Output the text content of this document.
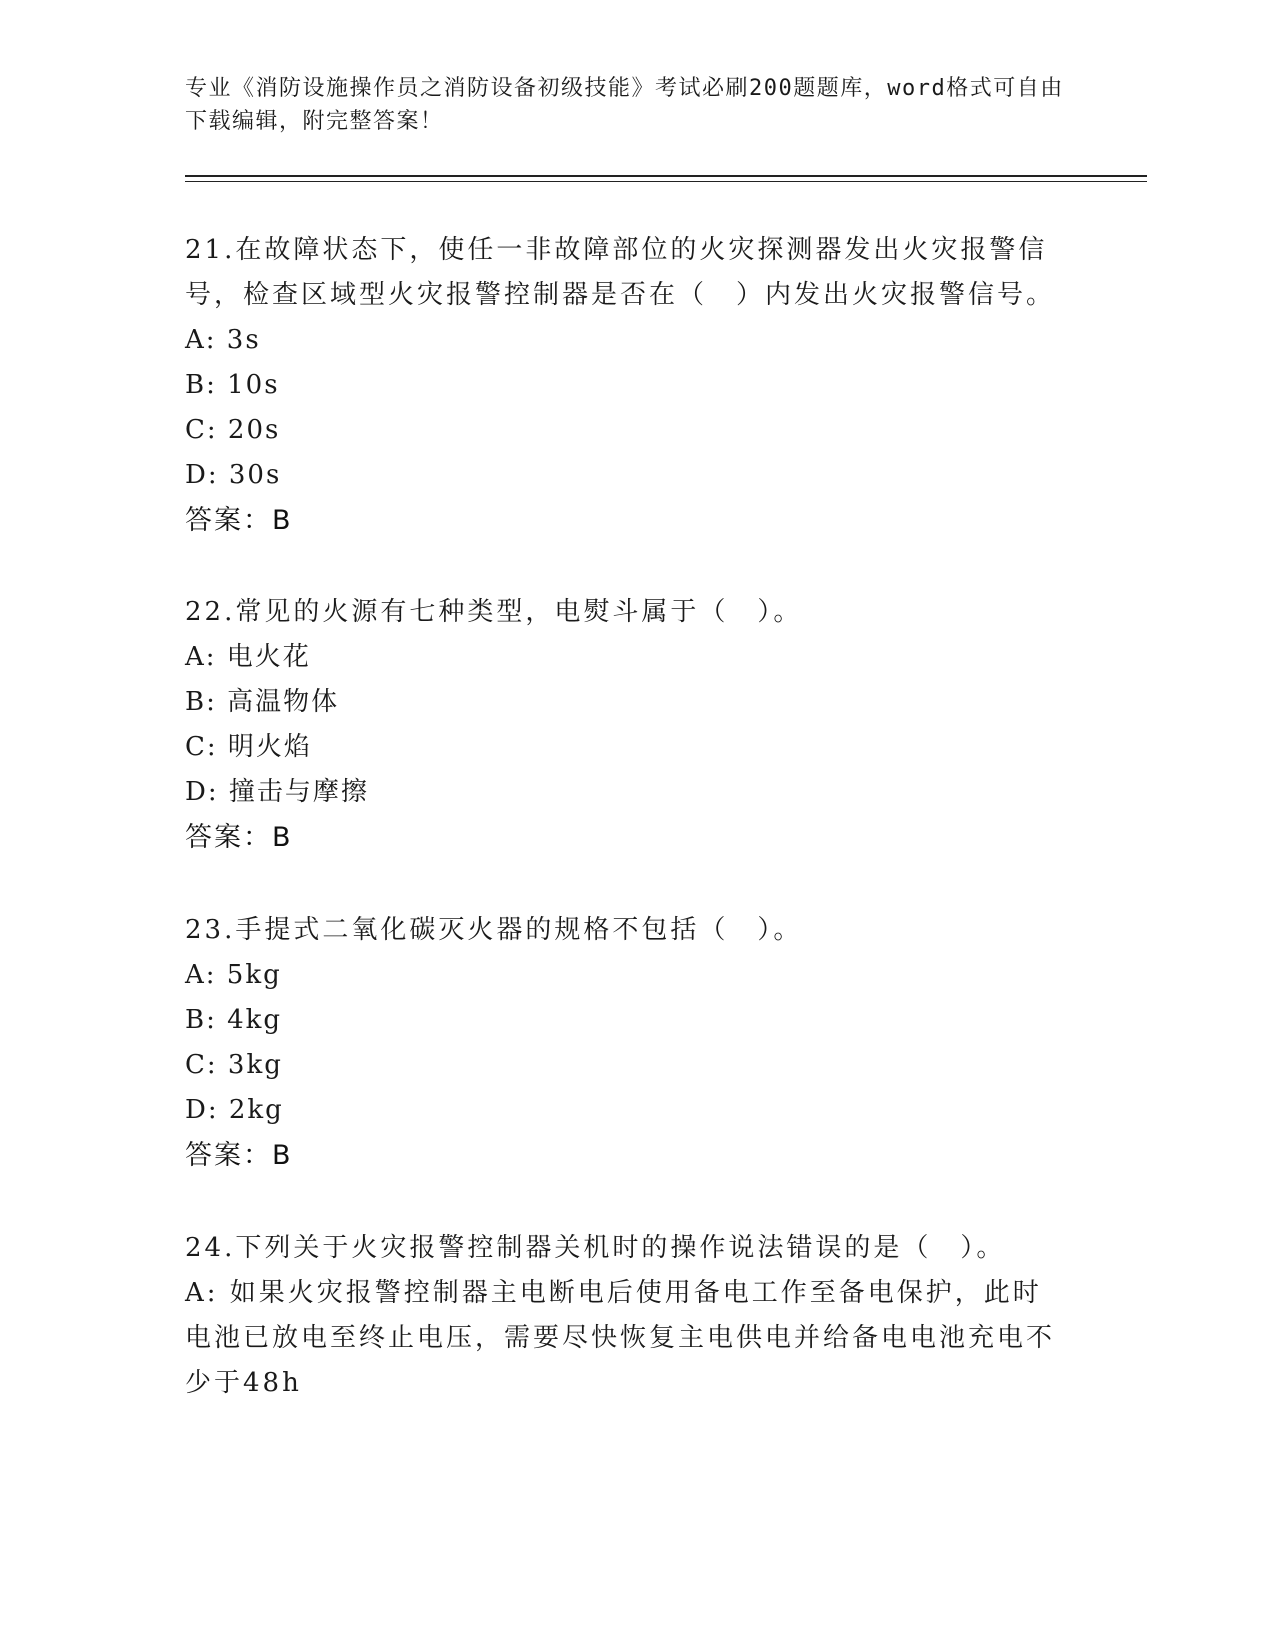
专业《消防设施操作员之消防设备初级技能》考试必刷200题题库，word格式可自由下载编辑，附完整答案！
21.在故障状态下，使任一非故障部位的火灾探测器发出火灾报警信号，检查区域型火灾报警控制器是否在（　）内发出火灾报警信号。
A: 3s
B: 10s
C: 20s
D: 30s
答案：B
22.常见的火源有七种类型，电熨斗属于（　）。
A: 电火花
B: 高温物体
C: 明火焰
D: 撞击与摩擦
答案：B
23.手提式二氧化碳灭火器的规格不包括（　）。
A: 5kg
B: 4kg
C: 3kg
D: 2kg
答案：B
24.下列关于火灾报警控制器关机时的操作说法错误的是（　）。
A: 如果火灾报警控制器主电断电后使用备电工作至备电保护，此时电池已放电至终止电压，需要尽快恢复主电供电并给备电电池充电不少于48h
